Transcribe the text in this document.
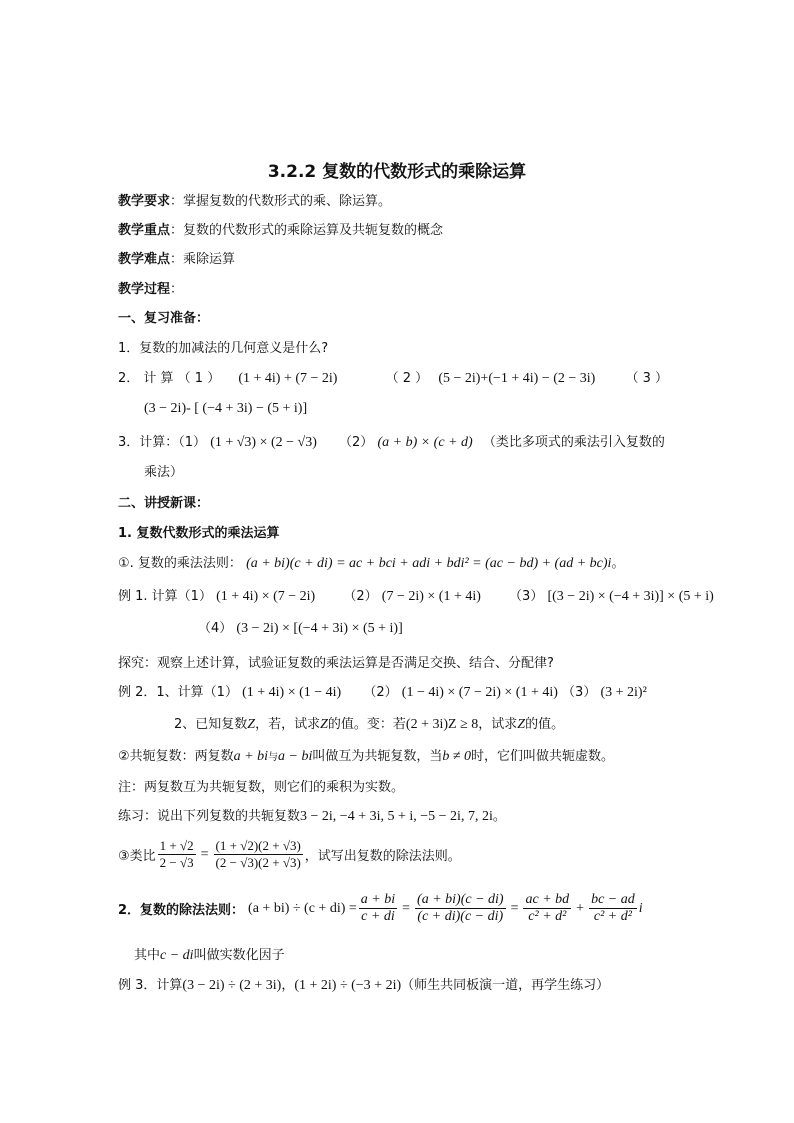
3.2.2 复数的代数形式的乘除运算
教学要求：掌握复数的代数形式的乘、除运算。
教学重点：复数的代数形式的乘除运算及共轭复数的概念
教学难点：乘除运算
教学过程：
一、复习准备：
1．复数的加减法的几何意义是什么?
2． 计 算 （ 1 ） (1 + 4i) + (7 − 2i)	（ 2 ） (5 − 2i)+(−1 + 4i) − (2 − 3i) （ 3 ）
(3 − 2i)- [ (−4 + 3i) − (5 + i)]
3．计算：（1） (1 + √3) × (2 − √3) （2） (a + b) × (c + d) （类比多项式的乘法引入复数的
乘法）
二、讲授新课：
1. 复数代数形式的乘法运算
①. 复数的乘法法则： (a + bi)(c + di) = ac + bci + adi + bdi² = (ac − bd) + (ad + bc)i。
例 1. 计算（1） (1 + 4i) × (7 − 2i) （2） (7 − 2i) × (1 + 4i) （3） [(3 − 2i) × (−4 + 3i)] × (5 + i)
（4） (3 − 2i) × [(−4 + 3i) × (5 + i)]
探究：观察上述计算，试验证复数的乘法运算是否满足交换、结合、分配律?
例 2．1、计算（1） (1 + 4i) × (1 − 4i) （2） (1 − 4i) × (7 − 2i) × (1 + 4i) （3） (3 + 2i)²
2、已知复数Z，若，试求Z的值。变：若(2 + 3i)Z ≥ 8，试求Z的值。
②共轭复数：两复数a + bi与a − bi叫做互为共轭复数，当b ≠ 0时，它们叫做共轭虚数。
注：两复数互为共轭复数，则它们的乘积为实数。
练习：说出下列复数的共轭复数3 − 2i, −4 + 3i, 5 + i, −5 − 2i, 7, 2i。
③类比 $\frac{1 + √2}{2 - √3} = \frac{(1 + √2)(2 + √3)}{(2 - √3)(2 + √3)}$ ，试写出复数的除法法则。
2．复数的除法法则： $(a + bi) \div (c + di) = \frac{a + bi}{c + di} = \frac{(a + bi)(c - di)}{(c + di)(c - di)} = \frac{ac + bd}{\text{c² + d²}} + \frac{bc - ad}{\text{c² + d²}}$ i
其中c − di叫做实数化因子
例 3．计算(3 − 2i) ÷ (2 + 3i)，(1 + 2i) ÷ (−3 + 2i)（师生共同板演一道，再学生练习）
